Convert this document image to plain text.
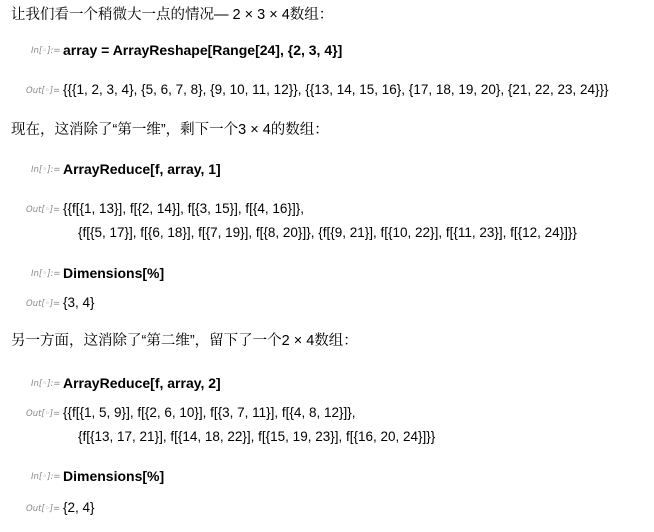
让我们看一个稍微大一点的情况— 2 × 3 × 4数组：
In[◦]:= array = ArrayReshape[Range[24], {2, 3, 4}]
Out[◦]= {{{1, 2, 3, 4}, {5, 6, 7, 8}, {9, 10, 11, 12}}, {{13, 14, 15, 16}, {17, 18, 19, 20}, {21, 22, 23, 24}}}
现在，这消除了“第一维”，剩下一个3 × 4的数组：
In[◦]:= ArrayReduce[f, array, 1]
Out[◦]= {{f[{1, 13}], f[{2, 14}], f[{3, 15}], f[{4, 16}]},
{f[{5, 17}], f[{6, 18}], f[{7, 19}], f[{8, 20}]}, {f[{9, 21}], f[{10, 22}], f[{11, 23}], f[{12, 24}]}}
In[◦]:= Dimensions[%]
Out[◦]= {3, 4}
另一方面，这消除了“第二维”，留下了一个2 × 4数组：
In[◦]:= ArrayReduce[f, array, 2]
Out[◦]= {{f[{1, 5, 9}], f[{2, 6, 10}], f[{3, 7, 11}], f[{4, 8, 12}]},
{f[{13, 17, 21}], f[{14, 18, 22}], f[{15, 19, 23}], f[{16, 20, 24}]}}
In[◦]:= Dimensions[%]
Out[◦]= {2, 4}
